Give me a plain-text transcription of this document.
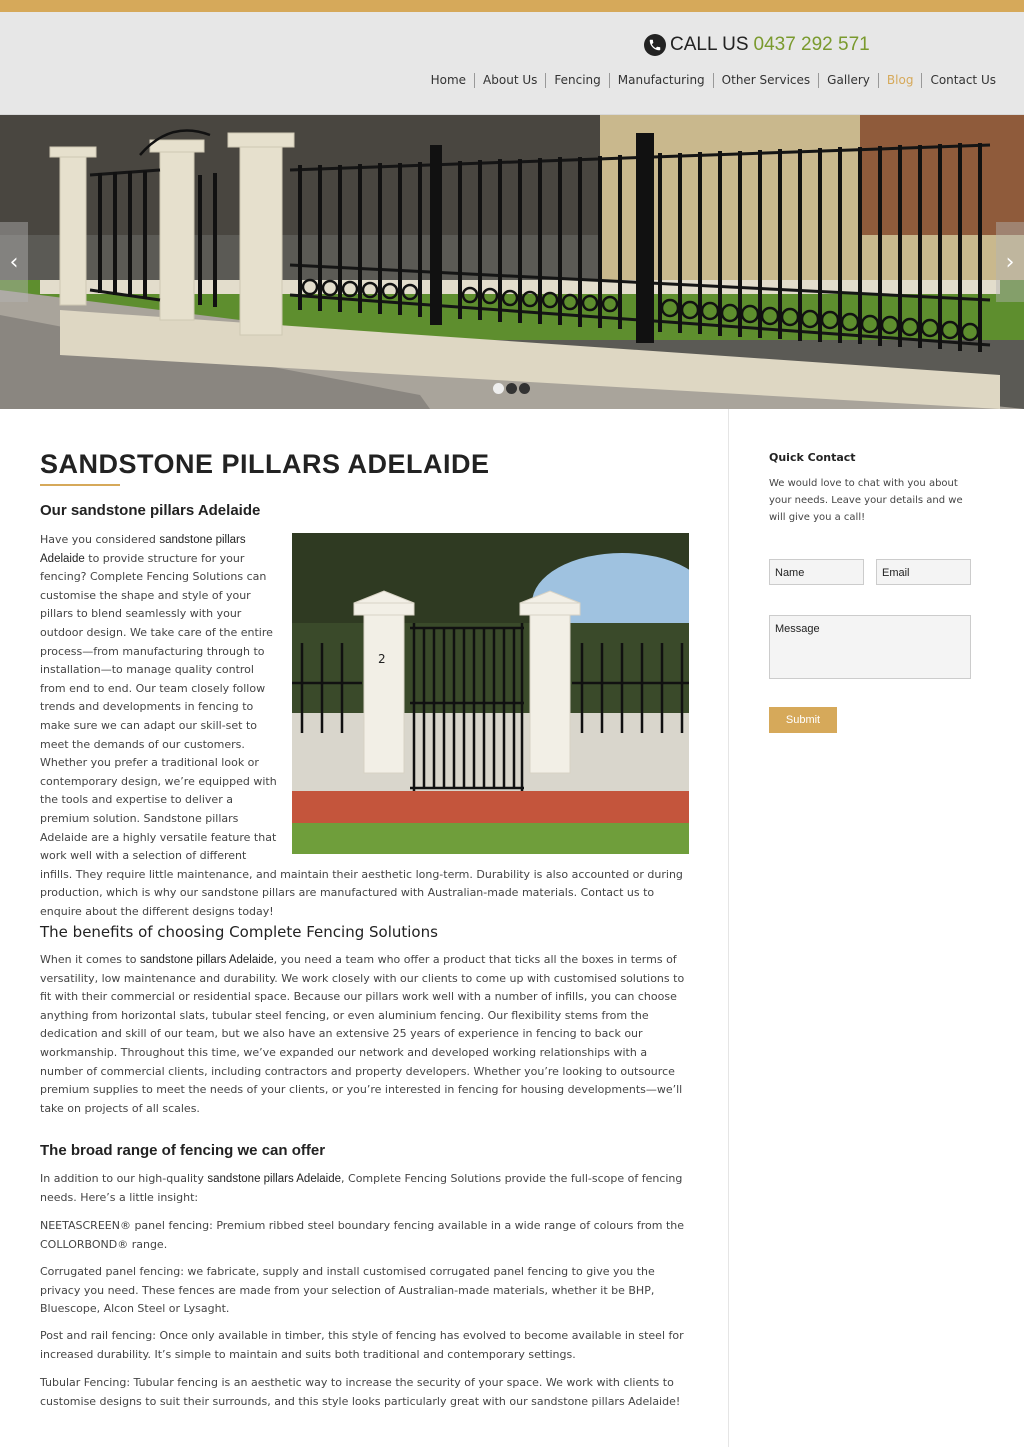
CALL US 0437 292 571
Home	About Us	Fencing	Manufacturing	Other Services	Gallery	Blog	Contact Us
‹	›
SANDSTONE PILLARS ADELAIDE
Our sandstone pillars Adelaide
Have you considered sandstone pillars Adelaide to provide structure for your fencing? Complete Fencing Solutions can customise the shape and style of your pillars to blend seamlessly with your outdoor design. We take care of the entire process—from manufacturing through to installation—to manage quality control from end to end. Our team closely follow trends and developments in fencing to make sure we can adapt our skill-set to meet the demands of our customers. Whether you prefer a traditional look or contemporary design, we’re equipped with the tools and expertise to deliver a premium solution. Sandstone pillars Adelaide are a highly versatile feature that work well with a selection of different infills. They require little maintenance, and maintain their aesthetic long-term. Durability is also accounted or during production, which is why our sandstone pillars are manufactured with Australian-made materials. Contact us to enquire about the different designs today!
2
The benefits of choosing Complete Fencing Solutions

When it comes to sandstone pillars Adelaide, you need a team who offer a product that ticks all the boxes in terms of versatility, low maintenance and durability. We work closely with our clients to come up with customised solutions to fit with their commercial or residential space. Because our pillars work well with a number of infills, you can choose anything from horizontal slats, tubular steel fencing, or even aluminium fencing. Our flexibility stems from the dedication and skill of our team, but we also have an extensive 25 years of experience in fencing to back our workmanship. Throughout this time, we’ve expanded our network and developed working relationships with a number of commercial clients, including contractors and property developers. Whether you’re looking to outsource premium supplies to meet the needs of your clients, or you’re interested in fencing for housing developments—we’ll take on projects of all scales.

The broad range of fencing we can offer

In addition to our high-quality sandstone pillars Adelaide, Complete Fencing Solutions provide the full-scope of fencing needs. Here’s a little insight:

NEETASCREEN® panel fencing: Premium ribbed steel boundary fencing available in a wide range of colours from the COLLORBOND® range.

Corrugated panel fencing: we fabricate, supply and install customised corrugated panel fencing to give you the privacy you need. These fences are made from your selection of Australian-made materials, whether it be BHP, Bluescope, Alcon Steel or Lysaght.

Post and rail fencing: Once only available in timber, this style of fencing has evolved to become available in steel for increased durability. It’s simple to maintain and suits both traditional and contemporary settings.

Tubular Fencing: Tubular fencing is an aesthetic way to increase the security of your space. We work with clients to customise designs to suit their surrounds, and this style looks particularly great with our sandstone pillars Adelaide!

Quick Contact

We would love to chat with you about your needs. Leave your details and we will give you a call!

Name	Email
Message
Submit
